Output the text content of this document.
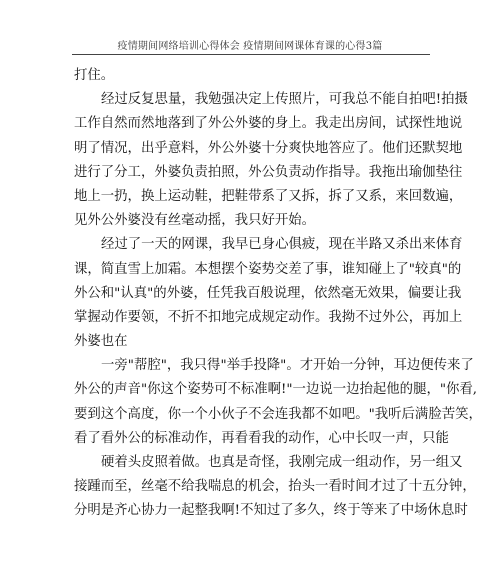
疫情期间网络培训心得体会 疫情期间网课体育课的心得3篇
打住。
经过反复思量，我勉强决定上传照片，可我总不能自拍吧!拍摄
工作自然而然地落到了外公外婆的身上。我走出房间，试探性地说
明了情况，出乎意料，外公外婆十分爽快地答应了。他们还默契地
进行了分工，外婆负责拍照，外公负责动作指导。我拖出瑜伽垫往
地上一扔，换上运动鞋，把鞋带系了又拆，拆了又系，来回数遍，
见外公外婆没有丝毫动摇，我只好开始。
经过了一天的网课，我早已身心俱疲，现在半路又杀出来体育
课，简直雪上加霜。本想摆个姿势交差了事，谁知碰上了"较真"的
外公和"认真"的外婆，任凭我百般说理，依然毫无效果，偏要让我
掌握动作要领，不折不扣地完成规定动作。我拗不过外公，再加上
外婆也在
一旁"帮腔"，我只得"举手投降"。才开始一分钟，耳边便传来了
外公的声音"你这个姿势可不标准啊!"一边说一边抬起他的腿，"你看,
要到这个高度，你一个小伙子不会连我都不如吧。"我听后满脸苦笑，
看了看外公的标准动作，再看看我的动作，心中长叹一声，只能
硬着头皮照着做。也真是奇怪，我刚完成一组动作，另一组又
接踵而至，丝毫不给我喘息的机会，抬头一看时间才过了十五分钟，
分明是齐心协力一起整我啊!不知过了多久，终于等来了中场休息时
